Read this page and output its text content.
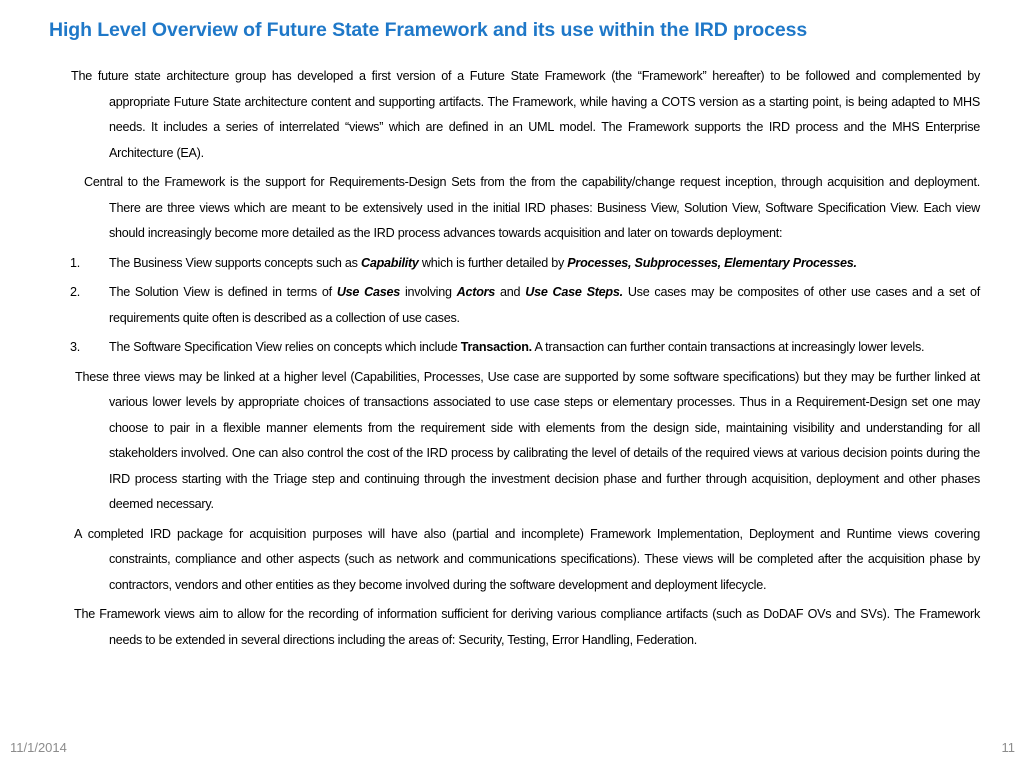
High Level Overview of Future State Framework and its use within the IRD process

The future state architecture group has developed a first version of a Future State Framework (the “Framework” hereafter) to be followed and complemented by appropriate Future State architecture content and supporting artifacts. The Framework, while having a COTS version as a starting point, is being adapted to MHS needs. It includes a series of interrelated “views” which are defined in an UML model. The Framework supports the IRD process and the MHS Enterprise Architecture (EA).

Central to the Framework is the support for Requirements-Design Sets from the from the capability/change request inception, through acquisition and deployment. There are three views which are meant to be extensively used in the initial IRD phases: Business View, Solution View, Software Specification View. Each view should increasingly become more detailed as the IRD process advances towards acquisition and later on towards deployment:

1. The Business View supports concepts such as Capability which is further detailed by Processes, Subprocesses, Elementary Processes.
2. The Solution View is defined in terms of Use Cases involving Actors and Use Case Steps. Use cases may be composites of other use cases and a set of requirements quite often is described as a collection of use cases.
3. The Software Specification View relies on concepts which include Transaction. A transaction can further contain transactions at increasingly lower levels.

These three views may be linked at a higher level (Capabilities, Processes, Use case are supported by some software specifications) but they may be further linked at various lower levels by appropriate choices of transactions associated to use case steps or elementary processes. Thus in a Requirement-Design set one may choose to pair in a flexible manner elements from the requirement side with elements from the design side, maintaining visibility and understanding for all stakeholders involved. One can also control the cost of the IRD process by calibrating the level of details of the required views at various decision points during the IRD process starting with the Triage step and continuing through the investment decision phase and further through acquisition, deployment and other phases deemed necessary.

A completed IRD package for acquisition purposes will have also (partial and incomplete) Framework Implementation, Deployment and Runtime views covering constraints, compliance and other aspects (such as network and communications specifications). These views will be completed after the acquisition phase by contractors, vendors and other entities as they become involved during the software development and deployment lifecycle.

The Framework views aim to allow for the recording of information sufficient for deriving various compliance artifacts (such as DoDAF OVs and SVs). The Framework needs to be extended in several directions including the areas of: Security, Testing, Error Handling, Federation.

11/1/2014	11
